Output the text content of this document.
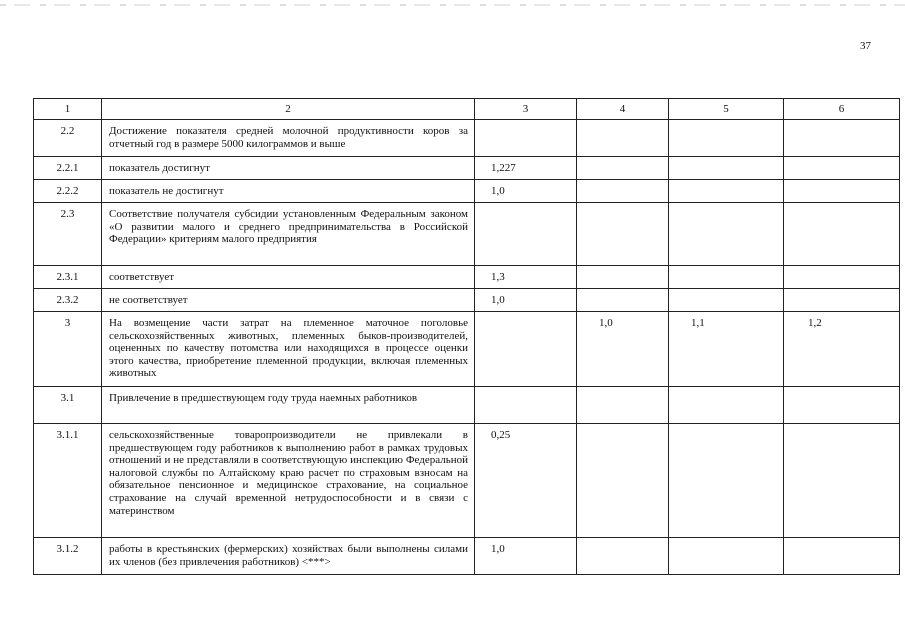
37
1	2	3	4	5	6
2.2	Достижение показателя средней молочной продуктивности коров за отчетный год в размере 5000 килограммов и выше				
2.2.1	показатель достигнут	1,227			
2.2.2	показатель не достигнут	1,0			
2.3	Соответствие получателя субсидии установленным Федеральным законом «О развитии малого и среднего предпринимательства в Российской Федерации» критериям малого предприятия				
2.3.1	соответствует	1,3			
2.3.2	не соответствует	1,0			
3	На возмещение части затрат на племенное маточное поголовье сельскохозяйственных животных, племенных быков-производителей, оцененных по качеству потомства или находящихся в процессе оценки этого качества, приобретение племенной продукции, включая племенных животных		1,0	1,1	1,2
3.1	Привлечение в предшествующем году труда наемных работников				
3.1.1	сельскохозяйственные товаропроизводители не привлекали в предшествующем году работников к выполнению работ в рамках трудовых отношений и не представляли в соответствующую инспекцию Федеральной налоговой службы по Алтайскому краю расчет по страховым взносам на обязательное пенсионное и медицинское страхование, на социальное страхование на случай временной нетрудоспособности и в связи с материнством	0,25			
3.1.2	работы в крестьянских (фермерских) хозяйствах были выполнены силами их членов (без привлечения работников) <***>	1,0			
